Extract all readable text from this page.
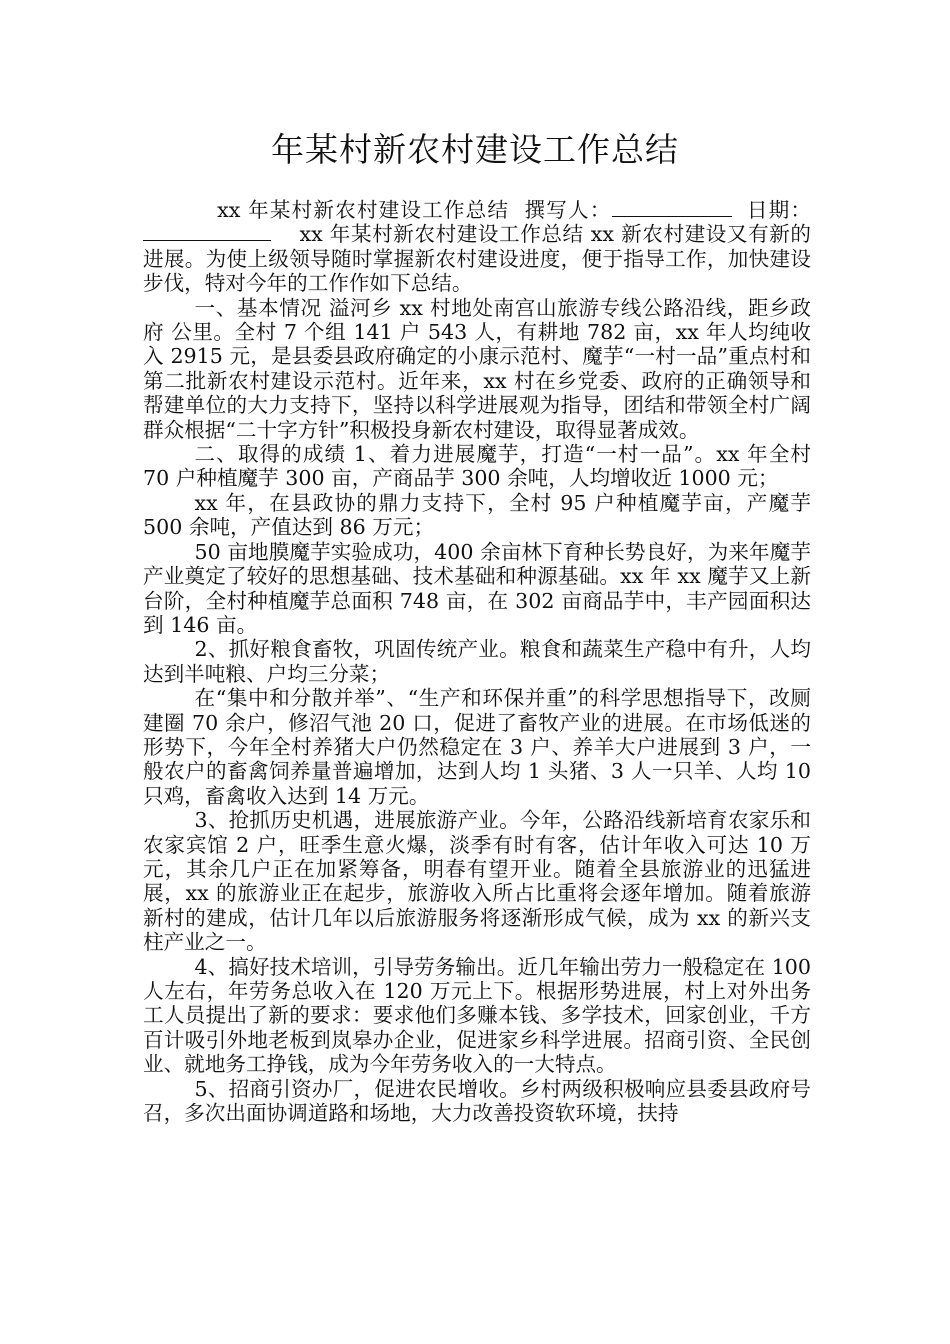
年某村新农村建设工作总结

xx 年某村新农村建设工作总结 撰写人：	日期：    xx 年某村新农村建设工作总结 xx 新农村建设又有新的进展。为使上级领导随时掌握新农村建设进度，便于指导工作，加快建设步伐，特对今年的工作作如下总结。

一、基本情况 溢河乡 xx 村地处南宫山旅游专线公路沿线，距乡政府 公里。全村 7 个组 141 户 543 人，有耕地 782 亩，xx 年人均纯收入 2915 元，是县委县政府确定的小康示范村、魔芋“一村一品”重点村和第二批新农村建设示范村。近年来，xx 村在乡党委、政府的正确领导和帮建单位的大力支持下，坚持以科学进展观为指导，团结和带领全村广阔群众根据“二十字方针”积极投身新农村建设，取得显著成效。

二、取得的成绩 1、着力进展魔芋，打造“一村一品”。xx 年全村 70 户种植魔芋 300 亩，产商品芋 300 余吨，人均增收近 1000 元；

xx 年，在县政协的鼎力支持下，全村 95 户种植魔芋亩，产魔芋 500 余吨，产值达到 86 万元；

50 亩地膜魔芋实验成功，400 余亩林下育种长势良好，为来年魔芋产业奠定了较好的思想基础、技术基础和种源基础。xx 年 xx 魔芋又上新台阶，全村种植魔芋总面积 748 亩，在 302 亩商品芋中，丰产园面积达到 146 亩。

2、抓好粮食畜牧，巩固传统产业。粮食和蔬菜生产稳中有升，人均达到半吨粮、户均三分菜；

在“集中和分散并举”、“生产和环保并重”的科学思想指导下，改厕建圈 70 余户，修沼气池 20 口，促进了畜牧产业的进展。在市场低迷的形势下，今年全村养猪大户仍然稳定在 3 户、养羊大户进展到 3 户，一般农户的畜禽饲养量普遍增加，达到人均 1 头猪、3 人一只羊、人均 10 只鸡，畜禽收入达到 14 万元。

3、抢抓历史机遇，进展旅游产业。今年，公路沿线新培育农家乐和农家宾馆 2 户，旺季生意火爆，淡季有时有客，估计年收入可达 10 万元，其余几户正在加紧筹备，明春有望开业。随着全县旅游业的迅猛进展，xx 的旅游业正在起步，旅游收入所占比重将会逐年增加。随着旅游新村的建成，估计几年以后旅游服务将逐渐形成气候，成为 xx 的新兴支柱产业之一。

4、搞好技术培训，引导劳务输出。近几年输出劳力一般稳定在 100 人左右，年劳务总收入在 120 万元上下。根据形势进展，村上对外出务工人员提出了新的要求：要求他们多赚本钱、多学技术，回家创业，千方百计吸引外地老板到岚皋办企业，促进家乡科学进展。招商引资、全民创业、就地务工挣钱，成为今年劳务收入的一大特点。

5、招商引资办厂，促进农民增收。乡村两级积极响应县委县政府号召，多次出面协调道路和场地，大力改善投资软环境，扶持
